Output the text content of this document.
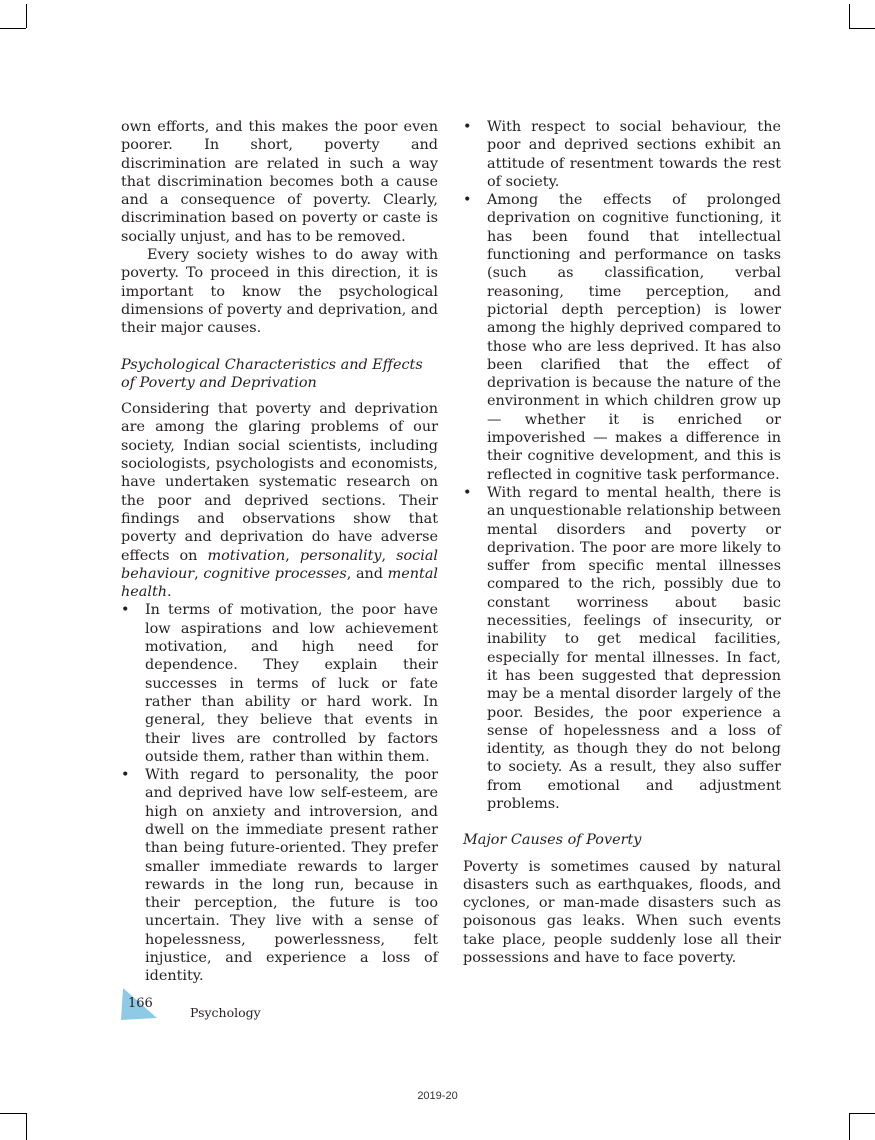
own efforts, and this makes the poor even poorer. In short, poverty and discrimination are related in such a way that discrimination becomes both a cause and a consequence of poverty. Clearly, discrimination based on poverty or caste is socially unjust, and has to be removed.

Every society wishes to do away with poverty. To proceed in this direction, it is important to know the psychological dimensions of poverty and deprivation, and their major causes.

Psychological Characteristics and Effects of Poverty and Deprivation

Considering that poverty and deprivation are among the glaring problems of our society, Indian social scientists, including sociologists, psychologists and economists, have undertaken systematic research on the poor and deprived sections. Their findings and observations show that poverty and deprivation do have adverse effects on motivation, personality, social behaviour, cognitive processes, and mental health.

• In terms of motivation, the poor have low aspirations and low achievement motivation, and high need for dependence. They explain their successes in terms of luck or fate rather than ability or hard work. In general, they believe that events in their lives are controlled by factors outside them, rather than within them.
• With regard to personality, the poor and deprived have low self-esteem, are high on anxiety and introversion, and dwell on the immediate present rather than being future-oriented. They prefer smaller immediate rewards to larger rewards in the long run, because in their perception, the future is too uncertain. They live with a sense of hopelessness, powerlessness, felt injustice, and experience a loss of identity.
• With respect to social behaviour, the poor and deprived sections exhibit an attitude of resentment towards the rest of society.
• Among the effects of prolonged deprivation on cognitive functioning, it has been found that intellectual functioning and performance on tasks (such as classification, verbal reasoning, time perception, and pictorial depth perception) is lower among the highly deprived compared to those who are less deprived. It has also been clarified that the effect of deprivation is because the nature of the environment in which children grow up — whether it is enriched or impoverished — makes a difference in their cognitive development, and this is reflected in cognitive task performance.
• With regard to mental health, there is an unquestionable relationship between mental disorders and poverty or deprivation. The poor are more likely to suffer from specific mental illnesses compared to the rich, possibly due to constant worriness about basic necessities, feelings of insecurity, or inability to get medical facilities, especially for mental illnesses. In fact, it has been suggested that depression may be a mental disorder largely of the poor. Besides, the poor experience a sense of hopelessness and a loss of identity, as though they do not belong to society. As a result, they also suffer from emotional and adjustment problems.

Major Causes of Poverty

Poverty is sometimes caused by natural disasters such as earthquakes, floods, and cyclones, or man-made disasters such as poisonous gas leaks. When such events take place, people suddenly lose all their possessions and have to face poverty.

166
Psychology
2019-20
